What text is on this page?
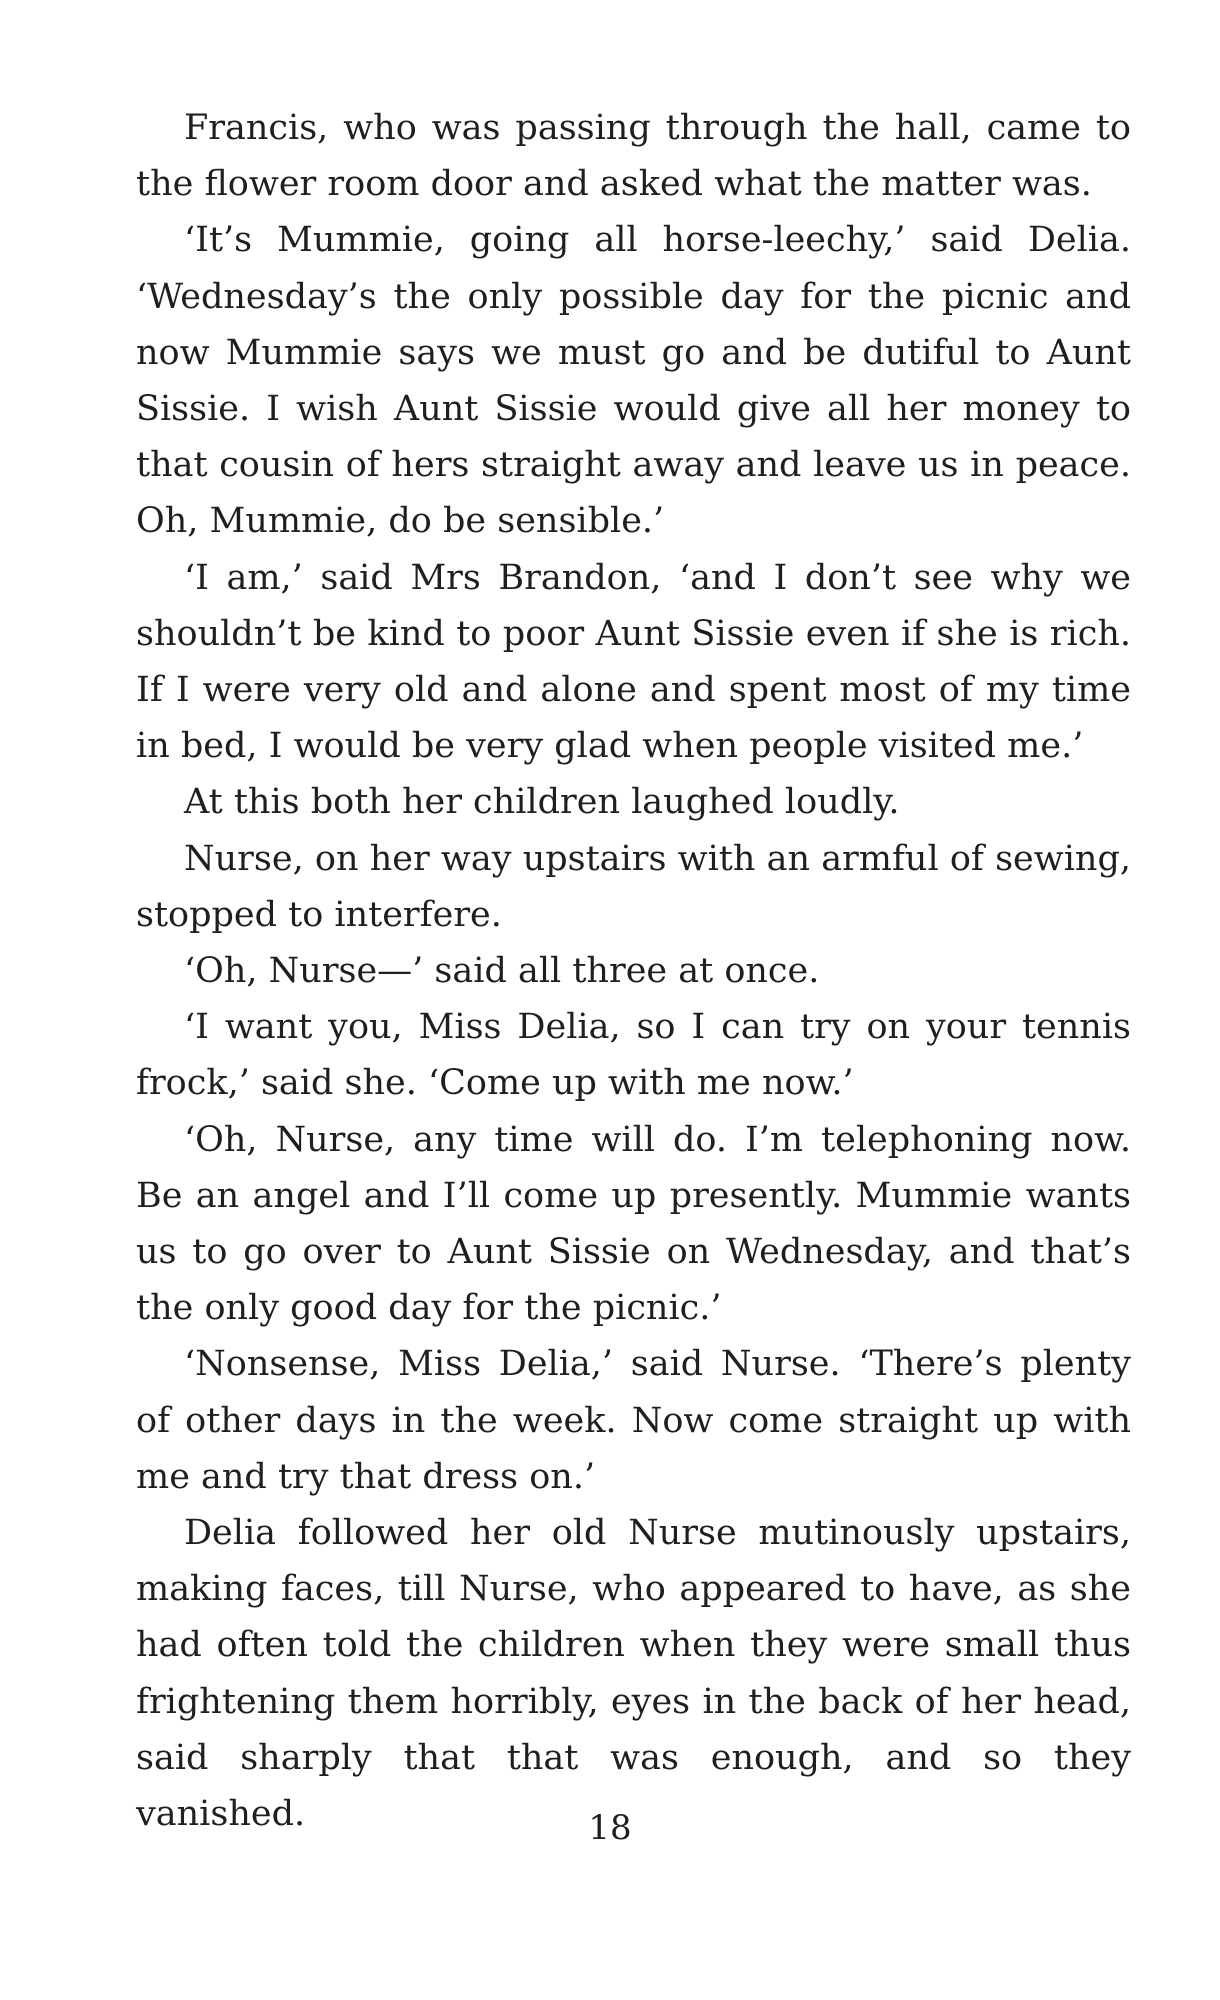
Francis, who was passing through the hall, came to the flower room door and asked what the matter was.

‘It’s Mummie, going all horse-leechy,’ said Delia. ‘Wednesday’s the only possible day for the picnic and now Mummie says we must go and be dutiful to Aunt Sissie. I wish Aunt Sissie would give all her money to that cousin of hers straight away and leave us in peace. Oh, Mummie, do be sensible.’

‘I am,’ said Mrs Brandon, ‘and I don’t see why we shouldn’t be kind to poor Aunt Sissie even if she is rich. If I were very old and alone and spent most of my time in bed, I would be very glad when people visited me.’

At this both her children laughed loudly.

Nurse, on her way upstairs with an armful of sewing, stopped to interfere.

‘Oh, Nurse—’ said all three at once.

‘I want you, Miss Delia, so I can try on your tennis frock,’ said she. ‘Come up with me now.’

‘Oh, Nurse, any time will do. I’m telephoning now. Be an angel and I’ll come up presently. Mummie wants us to go over to Aunt Sissie on Wednesday, and that’s the only good day for the picnic.’

‘Nonsense, Miss Delia,’ said Nurse. ‘There’s plenty of other days in the week. Now come straight up with me and try that dress on.’

Delia followed her old Nurse mutinously upstairs, making faces, till Nurse, who appeared to have, as she had often told the children when they were small thus frightening them horribly, eyes in the back of her head, said sharply that that was enough, and so they vanished.	18
